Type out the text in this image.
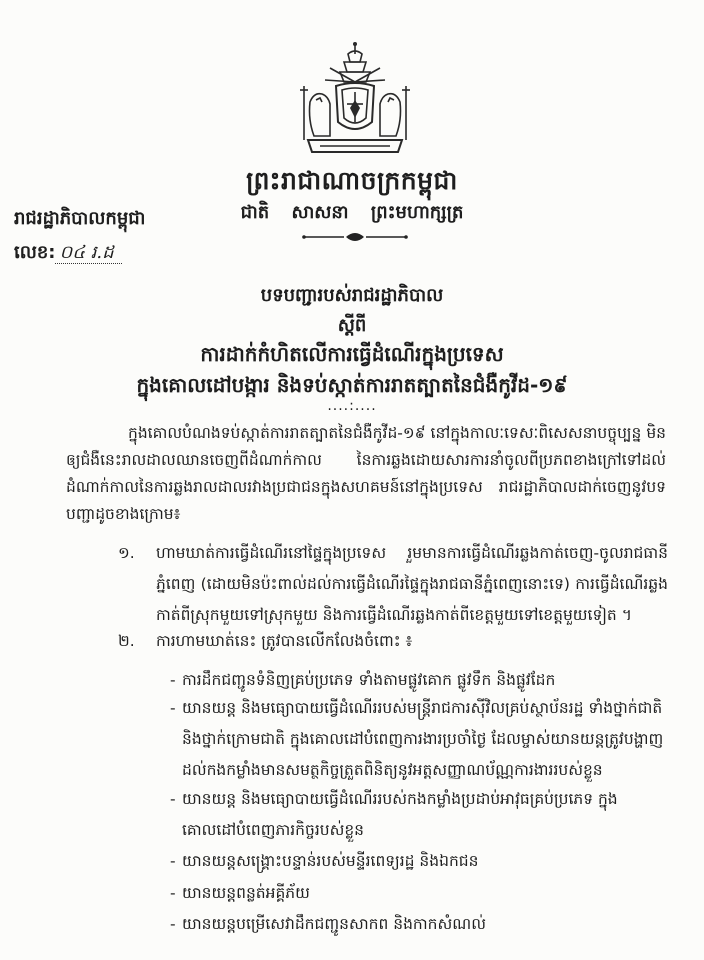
ព្រះរាជាណាចក្រកម្ពុជា
ជាតិ សាសនា ព្រះមហាក្សត្រ
រាជរដ្ឋាភិបាលកម្ពុជា
លេខ: ០៤ រ.ដ
បទបញ្ជារបស់រាជរដ្ឋាភិបាល
ស្តីពី
ការដាក់កំហិតលើការធ្វើដំណើរក្នុងប្រទេស
ក្នុងគោលដៅបង្ការ និងទប់ស្កាត់ការរាតត្បាតនៃជំងឺកូវីដ-១៩
....:....
ក្នុងគោលបំណងទប់ស្កាត់ការរាតត្បាតនៃជំងឺកូវីដ-១៩ នៅក្នុងកាលៈទេសៈពិសេសនាបច្ចុប្បន្ន មិនឲ្យជំងឺនេះរាលដាលឈានចេញពីដំណាក់កាល នៃការឆ្លងដោយសារការនាំចូលពីប្រភពខាងក្រៅទៅដល់ដំណាក់កាលនៃការឆ្លងរាលដាលរវាងប្រជាជនក្នុងសហគមន៍នៅក្នុងប្រទេស រាជរដ្ឋាភិបាលដាក់ចេញនូវបទបញ្ជាដូចខាងក្រោម៖
១. ហាមឃាត់ការធ្វើដំណើរនៅផ្ទៃក្នុងប្រទេស រួមមានការធ្វើដំណើរឆ្លងកាត់ចេញ-ចូលរាជធានីភ្នំពេញ (ដោយមិនប៉ះពាល់ដល់ការធ្វើដំណើរផ្ទៃក្នុងរាជធានីភ្នំពេញនោះទេ) ការធ្វើដំណើរឆ្លងកាត់ពីស្រុកមួយទៅស្រុកមួយ និងការធ្វើដំណើរឆ្លងកាត់ពីខេត្តមួយទៅខេត្តមួយទៀត ។
២. ការហាមឃាត់នេះ ត្រូវបានលើកលែងចំពោះ ៖
- ការដឹកជញ្ជូនទំនិញគ្រប់ប្រភេទ ទាំងតាមផ្លូវគោក ផ្លូវទឹក និងផ្លូវដែក
- យានយន្ត និងមធ្យោបាយធ្វើដំណើររបស់មន្ត្រីរាជការស៊ីវិលគ្រប់ស្ថាប័នរដ្ឋ ទាំងថ្នាក់ជាតិ និងថ្នាក់ក្រោមជាតិ ក្នុងគោលដៅបំពេញការងារប្រចាំថ្ងៃ ដែលម្ចាស់យានយន្តត្រូវបង្ហាញដល់កងកម្លាំងមានសមត្ថកិច្ចត្រួតពិនិត្យនូវអត្តសញ្ញាណប័ណ្ណការងាររបស់ខ្លួន
- យានយន្ត និងមធ្យោបាយធ្វើដំណើររបស់កងកម្លាំងប្រដាប់អាវុធគ្រប់ប្រភេទ ក្នុងគោលដៅបំពេញភារកិច្ចរបស់ខ្លួន
- យានយន្តសង្គ្រោះបន្ទាន់របស់មន្ទីរពេទ្យរដ្ឋ និងឯកជន
- យានយន្តពន្លត់អគ្គីភ័យ
- យានយន្តបម្រើសេវាដឹកជញ្ជូនសាកព និងកាកសំណល់
